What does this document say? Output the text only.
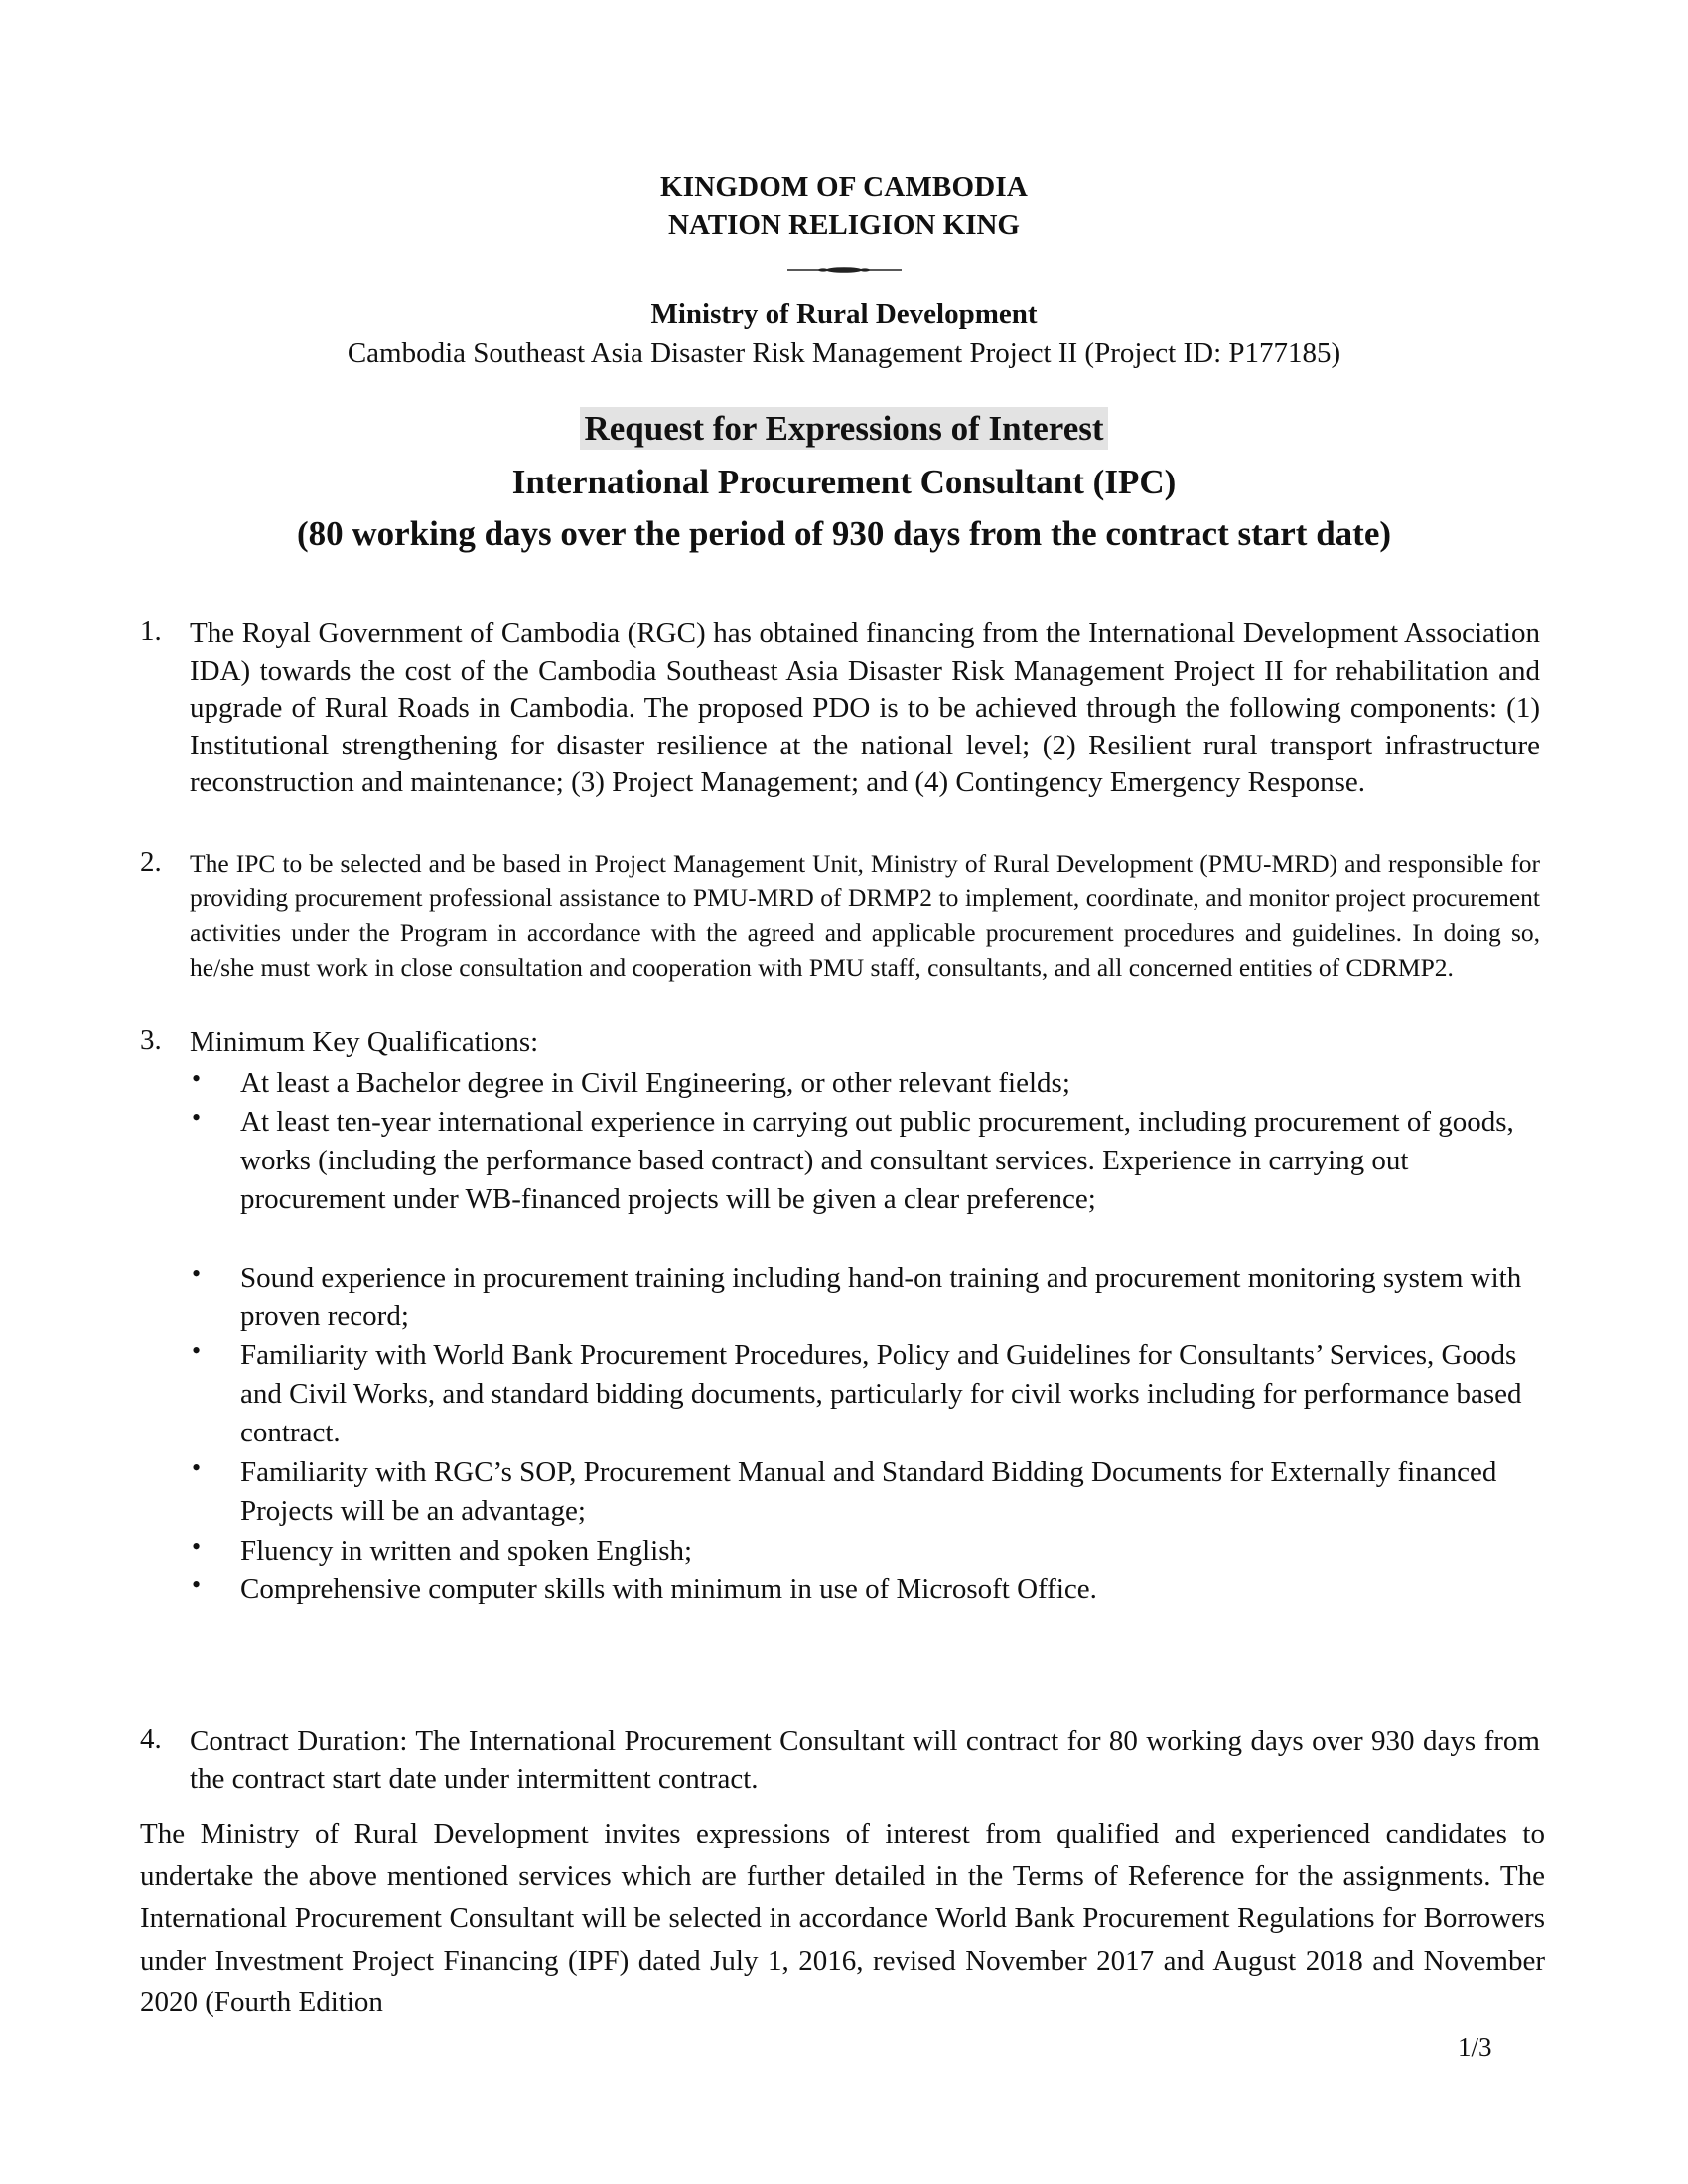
KINGDOM OF CAMBODIA
NATION RELIGION KING
Ministry of Rural Development
Cambodia Southeast Asia Disaster Risk Management Project II (Project ID: P177185)
Request for Expressions of Interest
International Procurement Consultant (IPC)
(80 working days over the period of 930 days from the contract start date)
1. The Royal Government of Cambodia (RGC) has obtained financing from the International Development Association IDA) towards the cost of the Cambodia Southeast Asia Disaster Risk Management Project II for rehabilitation and upgrade of Rural Roads in Cambodia. The proposed PDO is to be achieved through the following components: (1) Institutional strengthening for disaster resilience at the national level; (2) Resilient rural transport infrastructure reconstruction and maintenance; (3) Project Management; and (4) Contingency Emergency Response.
2. The IPC to be selected and be based in Project Management Unit, Ministry of Rural Development (PMU-MRD) and responsible for providing procurement professional assistance to PMU-MRD of DRMP2 to implement, coordinate, and monitor project procurement activities under the Program in accordance with the agreed and applicable procurement procedures and guidelines. In doing so, he/she must work in close consultation and cooperation with PMU staff, consultants, and all concerned entities of CDRMP2.
3. Minimum Key Qualifications:
• At least a Bachelor degree in Civil Engineering, or other relevant fields;
• At least ten-year international experience in carrying out public procurement, including procurement of goods, works (including the performance based contract) and consultant services. Experience in carrying out procurement under WB-financed projects will be given a clear preference;
• Sound experience in procurement training including hand-on training and procurement monitoring system with proven record;
• Familiarity with World Bank Procurement Procedures, Policy and Guidelines for Consultants’ Services, Goods and Civil Works, and standard bidding documents, particularly for civil works including for performance based contract.
• Familiarity with RGC’s SOP, Procurement Manual and Standard Bidding Documents for Externally financed Projects will be an advantage;
• Fluency in written and spoken English;
• Comprehensive computer skills with minimum in use of Microsoft Office.
4. Contract Duration: The International Procurement Consultant will contract for 80 working days over 930 days from the contract start date under intermittent contract.
The Ministry of Rural Development invites expressions of interest from qualified and experienced candidates to undertake the above mentioned services which are further detailed in the Terms of Reference for the assignments. The International Procurement Consultant will be selected in accordance World Bank Procurement Regulations for Borrowers under Investment Project Financing (IPF) dated July 1, 2016, revised November 2017 and August 2018 and November 2020 (Fourth Edition
1/3
